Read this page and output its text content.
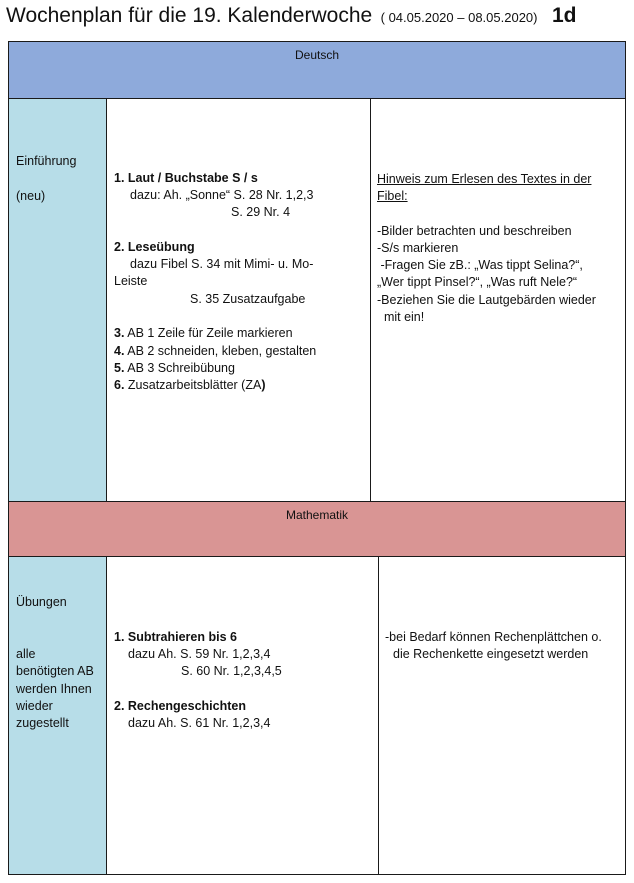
Wochenplan für die 19. Kalenderwoche ( 04.05.2020 – 08.05.2020) 1d
Deutsch
Einführung
(neu)
1. Laut / Buchstabe S / s
dazu: Ah. „Sonne“ S. 28 Nr. 1,2,3
S. 29 Nr. 4
2. Leseübung
dazu Fibel S. 34 mit Mimi- u. Mo-
Leiste
S. 35 Zusatzaufgabe
3. AB 1 Zeile für Zeile markieren
4. AB 2 schneiden, kleben, gestalten
5. AB 3 Schreibübung
6. Zusatzarbeitsblätter (ZA)
Hinweis zum Erlesen des Textes in der
Fibel:
-Bilder betrachten und beschreiben
-S/s markieren
-Fragen Sie zB.: „Was tippt Selina?“,
„Wer tippt Pinsel?“, „Was ruft Nele?“
-Beziehen Sie die Lautgebärden wieder
mit ein!
Mathematik
Übungen
alle
benötigten AB
werden Ihnen
wieder
zugestellt
1. Subtrahieren bis 6
dazu Ah. S. 59 Nr. 1,2,3,4
S. 60 Nr. 1,2,3,4,5
2. Rechengeschichten
dazu Ah. S. 61 Nr. 1,2,3,4
-bei Bedarf können Rechenplättchen o.
die Rechenkette eingesetzt werden
